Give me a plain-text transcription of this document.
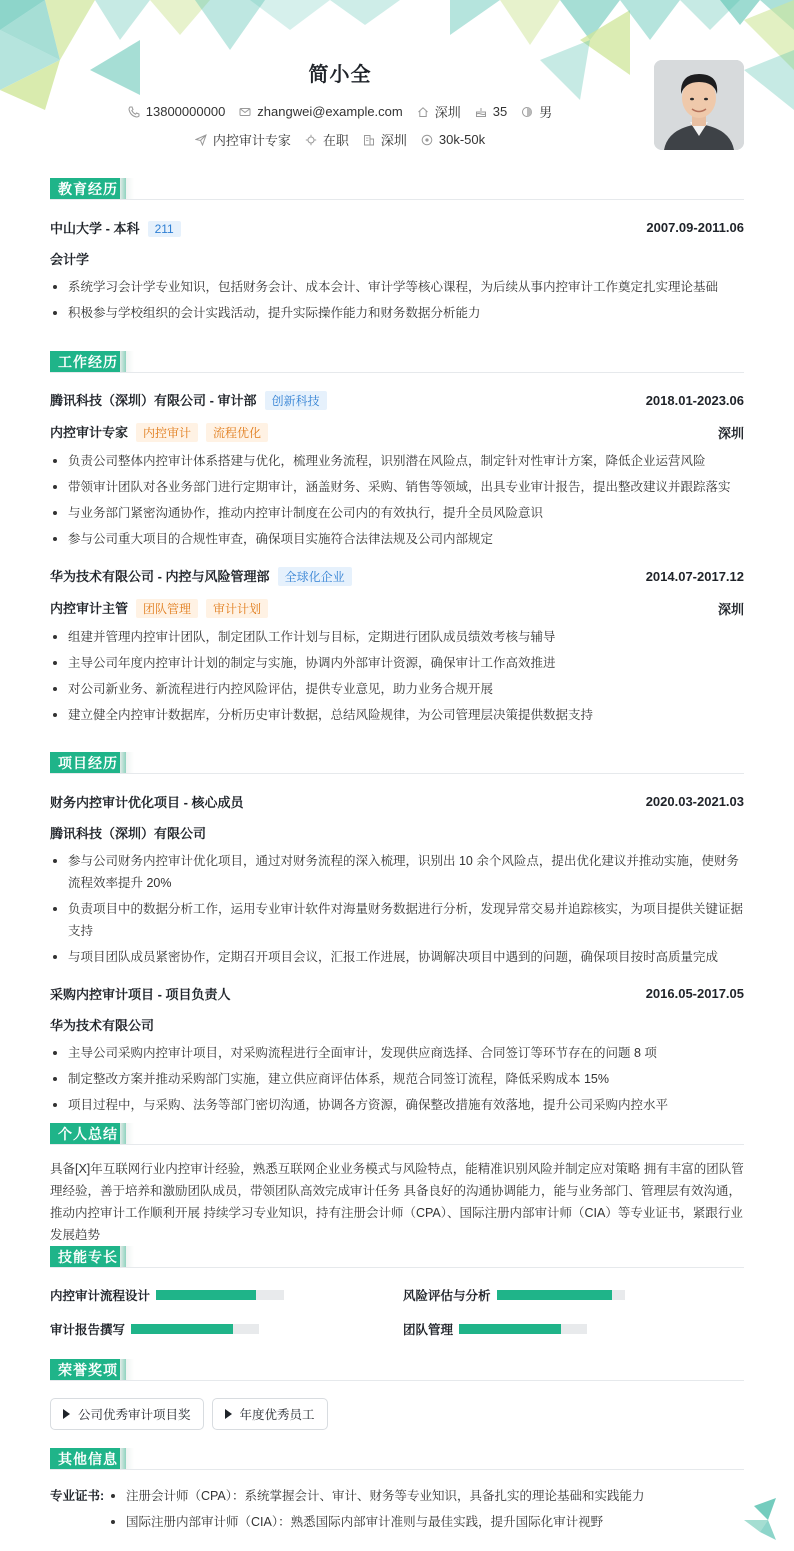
简小全
13800000000 zhangwei@example.com 深圳 35 男
内控审计专家 在职 深圳 30k-50k
教育经历
中山大学 - 本科 211	2007.09-2011.06
会计学
系统学习会计学专业知识，包括财务会计、成本会计、审计学等核心课程，为后续从事内控审计工作奠定扎实理论基础
积极参与学校组织的会计实践活动，提升实际操作能力和财务数据分析能力
工作经历
腾讯科技（深圳）有限公司 - 审计部 创新科技	2018.01-2023.06
内控审计专家 内控审计 流程优化	深圳
负责公司整体内控审计体系搭建与优化，梳理业务流程，识别潜在风险点，制定针对性审计方案，降低企业运营风险
带领审计团队对各业务部门进行定期审计，涵盖财务、采购、销售等领域，出具专业审计报告，提出整改建议并跟踪落实
与业务部门紧密沟通协作，推动内控审计制度在公司内的有效执行，提升全员风险意识
参与公司重大项目的合规性审查，确保项目实施符合法律法规及公司内部规定
华为技术有限公司 - 内控与风险管理部 全球化企业	2014.07-2017.12
内控审计主管 团队管理 审计计划	深圳
组建并管理内控审计团队，制定团队工作计划与目标，定期进行团队成员绩效考核与辅导
主导公司年度内控审计计划的制定与实施，协调内外部审计资源，确保审计工作高效推进
对公司新业务、新流程进行内控风险评估，提供专业意见，助力业务合规开展
建立健全内控审计数据库，分析历史审计数据，总结风险规律，为公司管理层决策提供数据支持
项目经历
财务内控审计优化项目 - 核心成员	2020.03-2021.03
腾讯科技（深圳）有限公司
参与公司财务内控审计优化项目，通过对财务流程的深入梳理，识别出 10 余个风险点，提出优化建议并推动实施，使财务流程效率提升 20%
负责项目中的数据分析工作，运用专业审计软件对海量财务数据进行分析，发现异常交易并追踪核实，为项目提供关键证据支持
与项目团队成员紧密协作，定期召开项目会议，汇报工作进展，协调解决项目中遇到的问题，确保项目按时高质量完成
采购内控审计项目 - 项目负责人	2016.05-2017.05
华为技术有限公司
主导公司采购内控审计项目，对采购流程进行全面审计，发现供应商选择、合同签订等环节存在的问题 8 项
制定整改方案并推动采购部门实施，建立供应商评估体系，规范合同签订流程，降低采购成本 15%
项目过程中，与采购、法务等部门密切沟通，协调各方资源，确保整改措施有效落地，提升公司采购内控水平
个人总结
具备[X]年互联网行业内控审计经验，熟悉互联网企业业务模式与风险特点，能精准识别风险并制定应对策略 拥有丰富的团队管理经验，善于培养和激励团队成员，带领团队高效完成审计任务 具备良好的沟通协调能力，能与业务部门、管理层有效沟通，推动内控审计工作顺利开展 持续学习专业知识，持有注册会计师（CPA）、国际注册内部审计师（CIA）等专业证书，紧跟行业发展趋势
技能专长
内控审计流程设计	风险评估与分析
审计报告撰写	团队管理
荣誉奖项
公司优秀审计项目奖	年度优秀员工
其他信息
专业证书:	注册会计师（CPA）：系统掌握会计、审计、财务等专业知识，具备扎实的理论基础和实践能力
国际注册内部审计师（CIA）：熟悉国际内部审计准则与最佳实践，提升国际化审计视野
